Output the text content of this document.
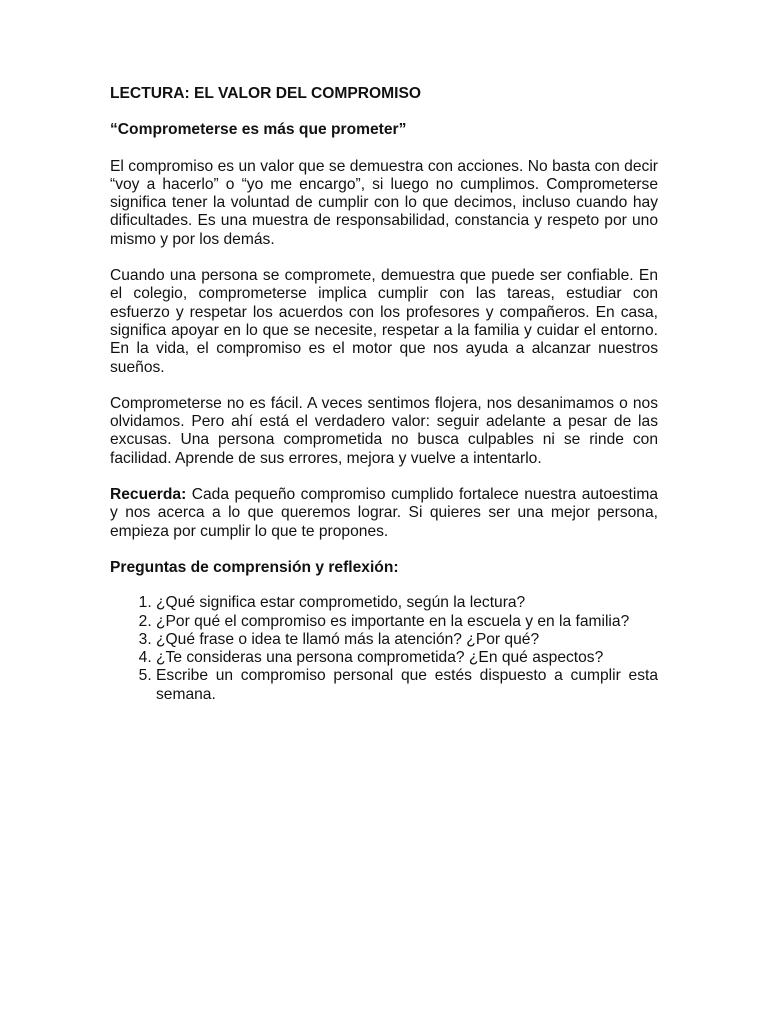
LECTURA: EL VALOR DEL COMPROMISO
“Comprometerse es más que prometer”

El compromiso es un valor que se demuestra con acciones. No basta con decir “voy a hacerlo” o “yo me encargo”, si luego no cumplimos. Comprometerse significa tener la voluntad de cumplir con lo que decimos, incluso cuando hay dificultades. Es una muestra de responsabilidad, constancia y respeto por uno mismo y por los demás.

Cuando una persona se compromete, demuestra que puede ser confiable. En el colegio, comprometerse implica cumplir con las tareas, estudiar con esfuerzo y respetar los acuerdos con los profesores y compañeros. En casa, significa apoyar en lo que se necesite, respetar a la familia y cuidar el entorno. En la vida, el compromiso es el motor que nos ayuda a alcanzar nuestros sueños.

Comprometerse no es fácil. A veces sentimos flojera, nos desanimamos o nos olvidamos. Pero ahí está el verdadero valor: seguir adelante a pesar de las excusas. Una persona comprometida no busca culpables ni se rinde con facilidad. Aprende de sus errores, mejora y vuelve a intentarlo.

Recuerda: Cada pequeño compromiso cumplido fortalece nuestra autoestima y nos acerca a lo que queremos lograr. Si quieres ser una mejor persona, empieza por cumplir lo que te propones.

Preguntas de comprensión y reflexión:
1. ¿Qué significa estar comprometido, según la lectura?
2. ¿Por qué el compromiso es importante en la escuela y en la familia?
3. ¿Qué frase o idea te llamó más la atención? ¿Por qué?
4. ¿Te consideras una persona comprometida? ¿En qué aspectos?
5. Escribe un compromiso personal que estés dispuesto a cumplir esta semana.
